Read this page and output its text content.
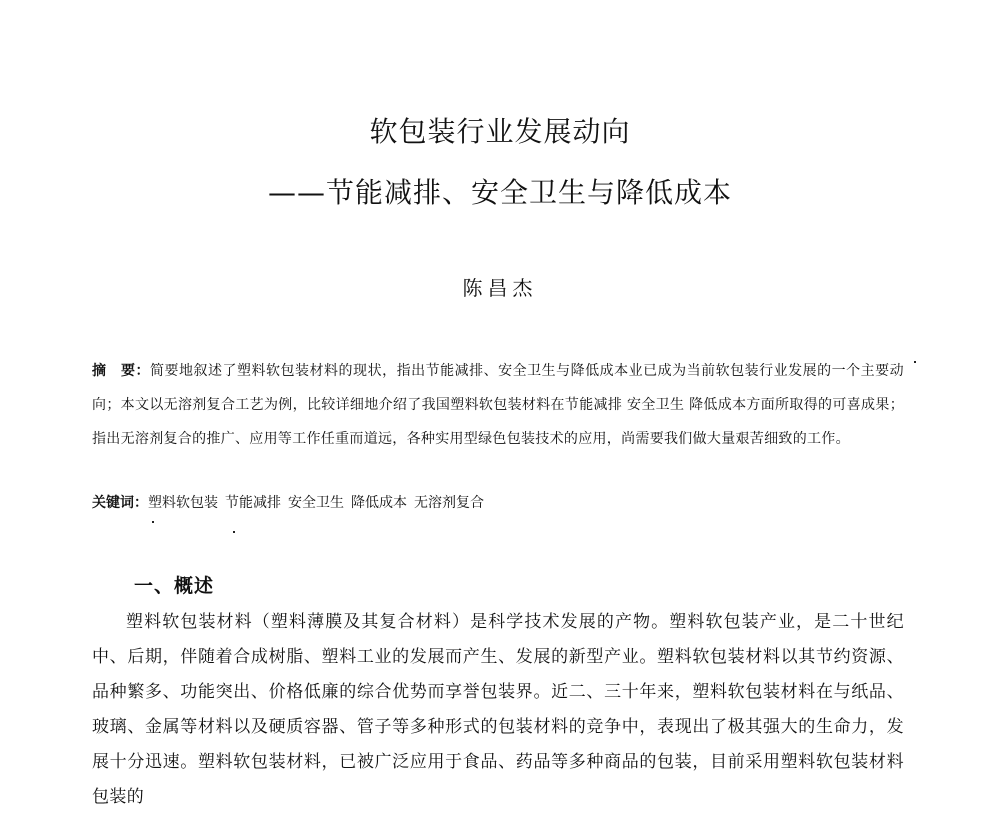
软包装行业发展动向
——节能减排、安全卫生与降低成本
陈昌杰
摘　要：简要地叙述了塑料软包装材料的现状，指出节能减排、安全卫生与降低成本业已成为当前软包装行业发展的一个主要动向；本文以无溶剂复合工艺为例，比较详细地介绍了我国塑料软包装材料在节能减排 安全卫生 降低成本方面所取得的可喜成果；指出无溶剂复合的推广、应用等工作任重而道远，各种实用型绿色包装技术的应用，尚需要我们做大量艰苦细致的工作。
关键词：塑料软包装 节能减排 安全卫生 降低成本 无溶剂复合
一、概述
塑料软包装材料（塑料薄膜及其复合材料）是科学技术发展的产物。塑料软包装产业，是二十世纪中、后期，伴随着合成树脂、塑料工业的发展而产生、发展的新型产业。塑料软包装材料以其节约资源、品种繁多、功能突出、价格低廉的综合优势而享誉包装界。近二、三十年来，塑料软包装材料在与纸品、玻璃、金属等材料以及硬质容器、管子等多种形式的包装材料的竞争中，表现出了极其强大的生命力，发展十分迅速。塑料软包装材料，已被广泛应用于食品、药品等多种商品的包装，目前采用塑料软包装材料包装的
